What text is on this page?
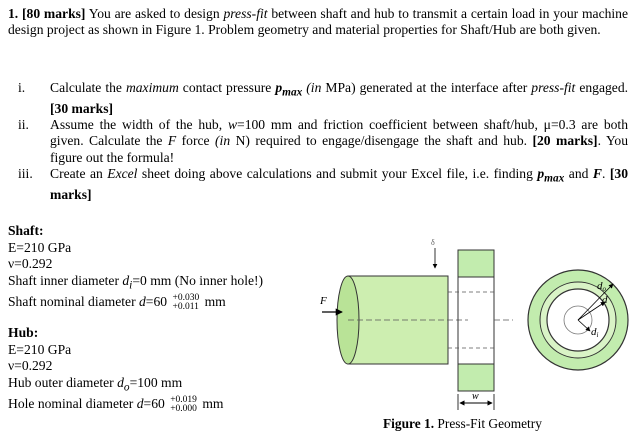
1. [80 marks] You are asked to design press-fit between shaft and hub to transmit a certain load in your machine design project as shown in Figure 1. Problem geometry and material properties for Shaft/Hub are both given.
i. Calculate the maximum contact pressure $p_{max}$ (in MPa) generated at the interface after press-fit engaged. [30 marks]
ii. Assume the width of the hub, w=100 mm and friction coefficient between shaft/hub, μ=0.3 are both given. Calculate the F force (in N) required to engage/disengage the shaft and hub. [20 marks]. You figure out the formula!
iii. Create an Excel sheet doing above calculations and submit your Excel file, i.e. finding $p_{max}$ and F. [30 marks]
Shaft:
E=210 GPa
ν=0.292
Shaft inner diameter $d_i=0$ mm (No inner hole!)
Shaft nominal diameter d=60 +0.030
+0.011 mm
Hub:
E=210 GPa
ν=0.292
Hub outer diameter $d_o=100$ mm
Hole nominal diameter d=60 +0.019
+0.000 mm
F
δ
w
do
d
di
Figure 1. Press-Fit Geometry
